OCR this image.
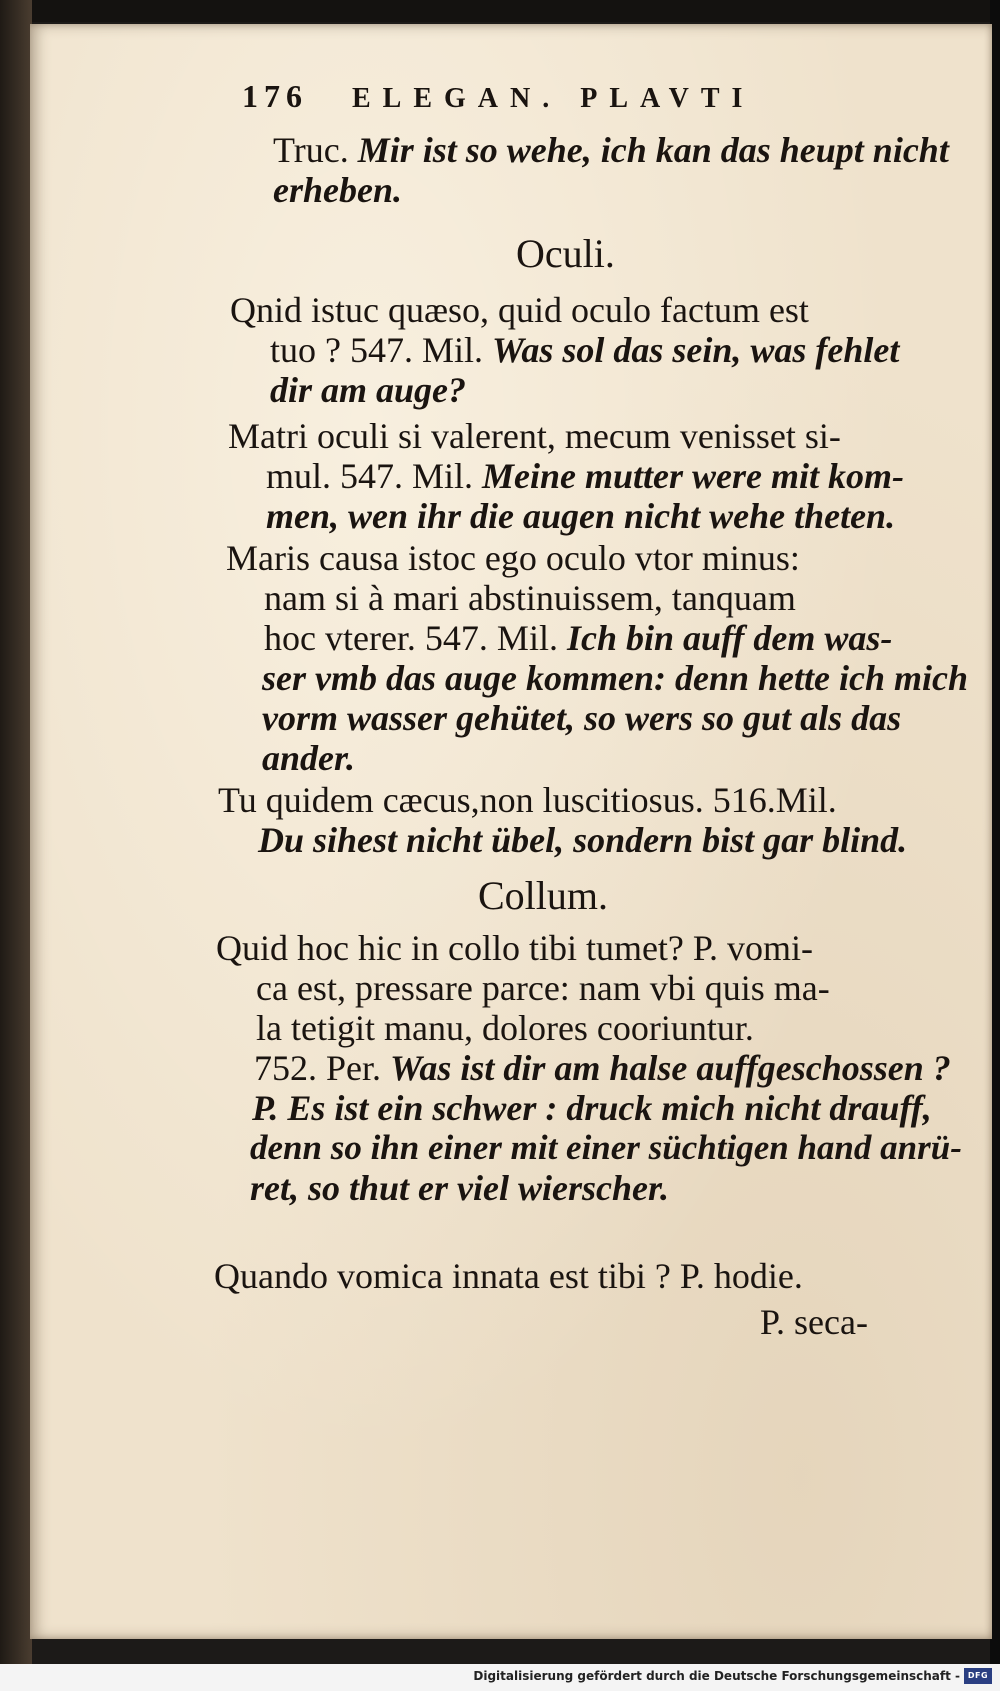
176 ELEGAN. PLAVTI
Truc. Mir ist so wehe, ich kan das heupt nicht
erheben.
Oculi.
Qnid istuc quæso, quid oculo factum est
tuo ? 547. Mil. Was sol das sein, was fehlet
dir am auge?
Matri oculi si valerent, mecum venisset si-
mul. 547. Mil. Meine mutter were mit kom-
men, wen ihr die augen nicht wehe theten.
Maris causa istoc ego oculo vtor minus:
nam si à mari abstinuissem, tanquam
hoc vterer. 547. Mil. Ich bin auff dem was-
ser vmb das auge kommen: denn hette ich mich
vorm wasser gehütet, so wers so gut als das
ander.
Tu quidem cæcus,non luscitiosus. 516.Mil.
Du sihest nicht übel, sondern bist gar blind.
Collum.
Quid hoc hic in collo tibi tumet? P. vomi-
ca est, pressare parce: nam vbi quis ma-
la tetigit manu, dolores cooriuntur.
752. Per. Was ist dir am halse auffgeschossen ?
P. Es ist ein schwer : druck mich nicht drauff,
denn so ihn einer mit einer süchtigen hand anrü-
ret, so thut er viel wierscher.
Quando vomica innata est tibi ? P. hodie.
P. seca-
Digitalisierung gefördert durch die Deutsche Forschungsgemeinschaft - DFG
